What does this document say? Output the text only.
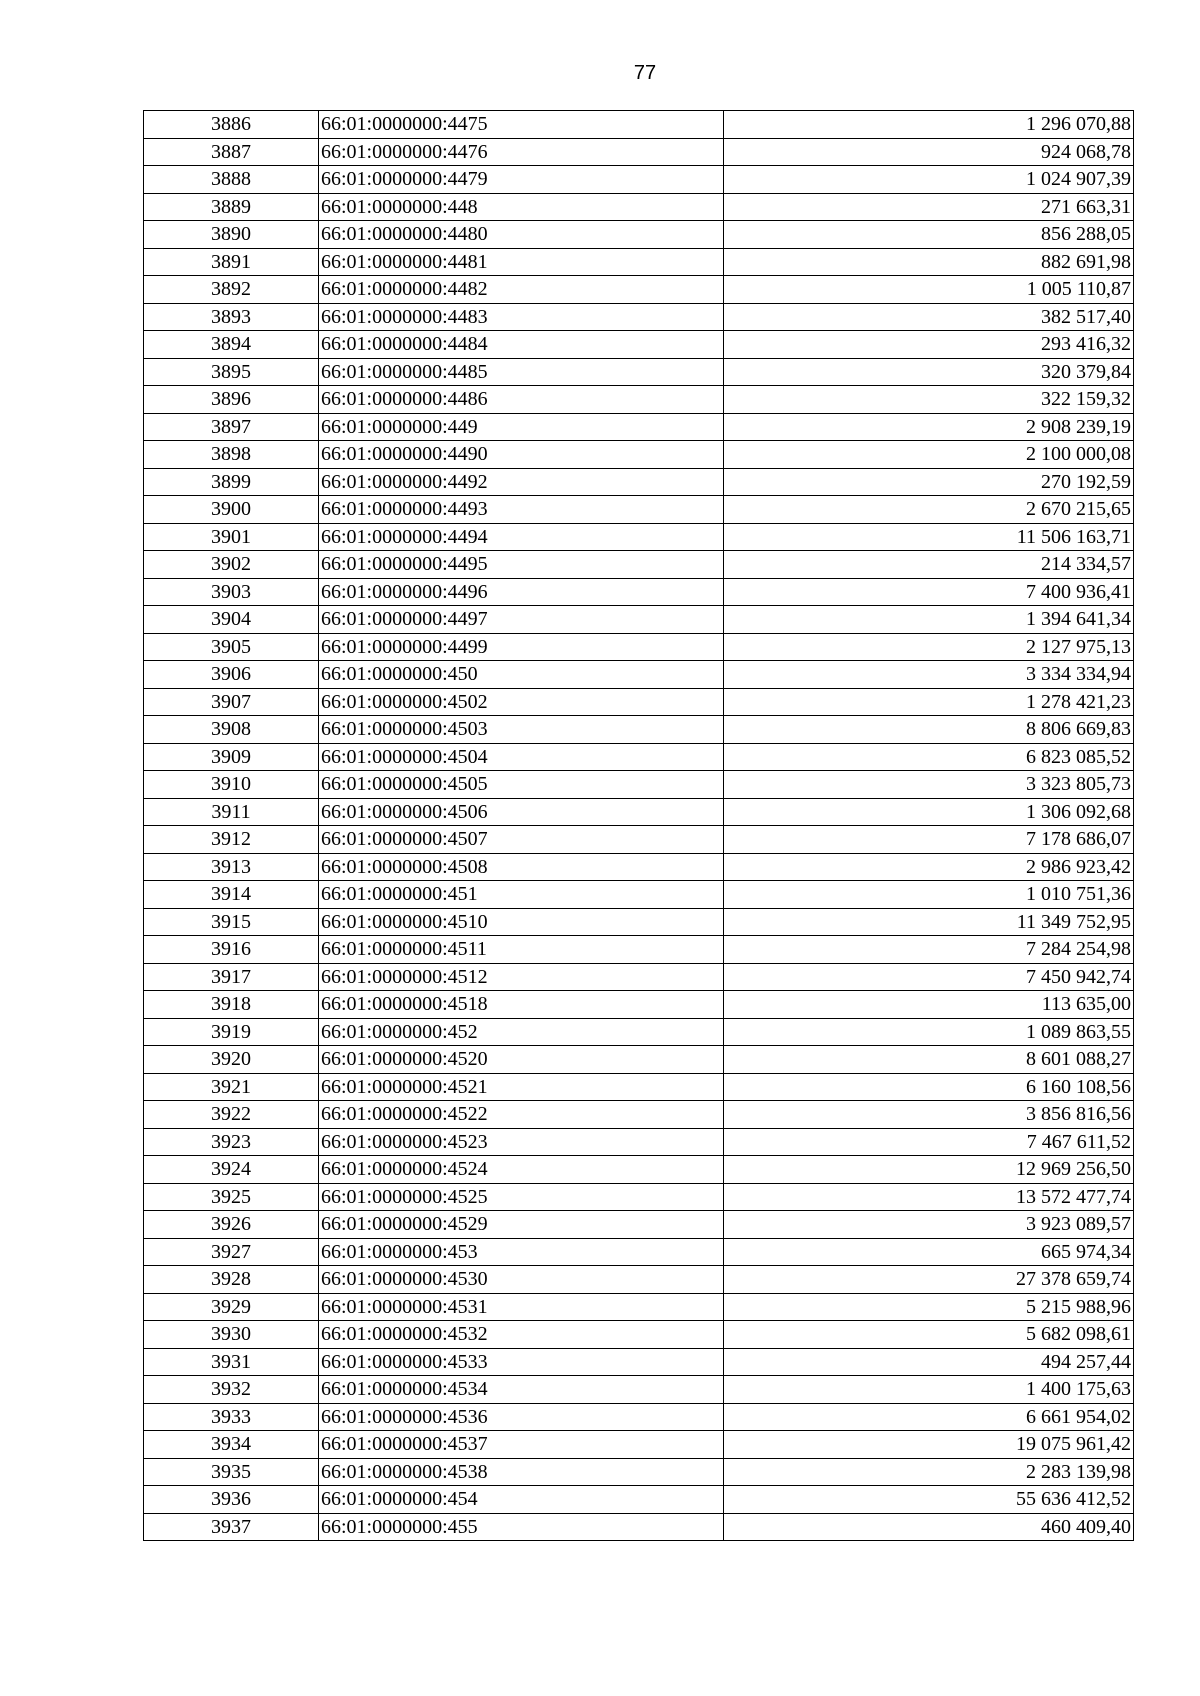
77
3886	66:01:0000000:4475	1 296 070,88
3887	66:01:0000000:4476	924 068,78
3888	66:01:0000000:4479	1 024 907,39
3889	66:01:0000000:448	271 663,31
3890	66:01:0000000:4480	856 288,05
3891	66:01:0000000:4481	882 691,98
3892	66:01:0000000:4482	1 005 110,87
3893	66:01:0000000:4483	382 517,40
3894	66:01:0000000:4484	293 416,32
3895	66:01:0000000:4485	320 379,84
3896	66:01:0000000:4486	322 159,32
3897	66:01:0000000:449	2 908 239,19
3898	66:01:0000000:4490	2 100 000,08
3899	66:01:0000000:4492	270 192,59
3900	66:01:0000000:4493	2 670 215,65
3901	66:01:0000000:4494	11 506 163,71
3902	66:01:0000000:4495	214 334,57
3903	66:01:0000000:4496	7 400 936,41
3904	66:01:0000000:4497	1 394 641,34
3905	66:01:0000000:4499	2 127 975,13
3906	66:01:0000000:450	3 334 334,94
3907	66:01:0000000:4502	1 278 421,23
3908	66:01:0000000:4503	8 806 669,83
3909	66:01:0000000:4504	6 823 085,52
3910	66:01:0000000:4505	3 323 805,73
3911	66:01:0000000:4506	1 306 092,68
3912	66:01:0000000:4507	7 178 686,07
3913	66:01:0000000:4508	2 986 923,42
3914	66:01:0000000:451	1 010 751,36
3915	66:01:0000000:4510	11 349 752,95
3916	66:01:0000000:4511	7 284 254,98
3917	66:01:0000000:4512	7 450 942,74
3918	66:01:0000000:4518	113 635,00
3919	66:01:0000000:452	1 089 863,55
3920	66:01:0000000:4520	8 601 088,27
3921	66:01:0000000:4521	6 160 108,56
3922	66:01:0000000:4522	3 856 816,56
3923	66:01:0000000:4523	7 467 611,52
3924	66:01:0000000:4524	12 969 256,50
3925	66:01:0000000:4525	13 572 477,74
3926	66:01:0000000:4529	3 923 089,57
3927	66:01:0000000:453	665 974,34
3928	66:01:0000000:4530	27 378 659,74
3929	66:01:0000000:4531	5 215 988,96
3930	66:01:0000000:4532	5 682 098,61
3931	66:01:0000000:4533	494 257,44
3932	66:01:0000000:4534	1 400 175,63
3933	66:01:0000000:4536	6 661 954,02
3934	66:01:0000000:4537	19 075 961,42
3935	66:01:0000000:4538	2 283 139,98
3936	66:01:0000000:454	55 636 412,52
3937	66:01:0000000:455	460 409,40
